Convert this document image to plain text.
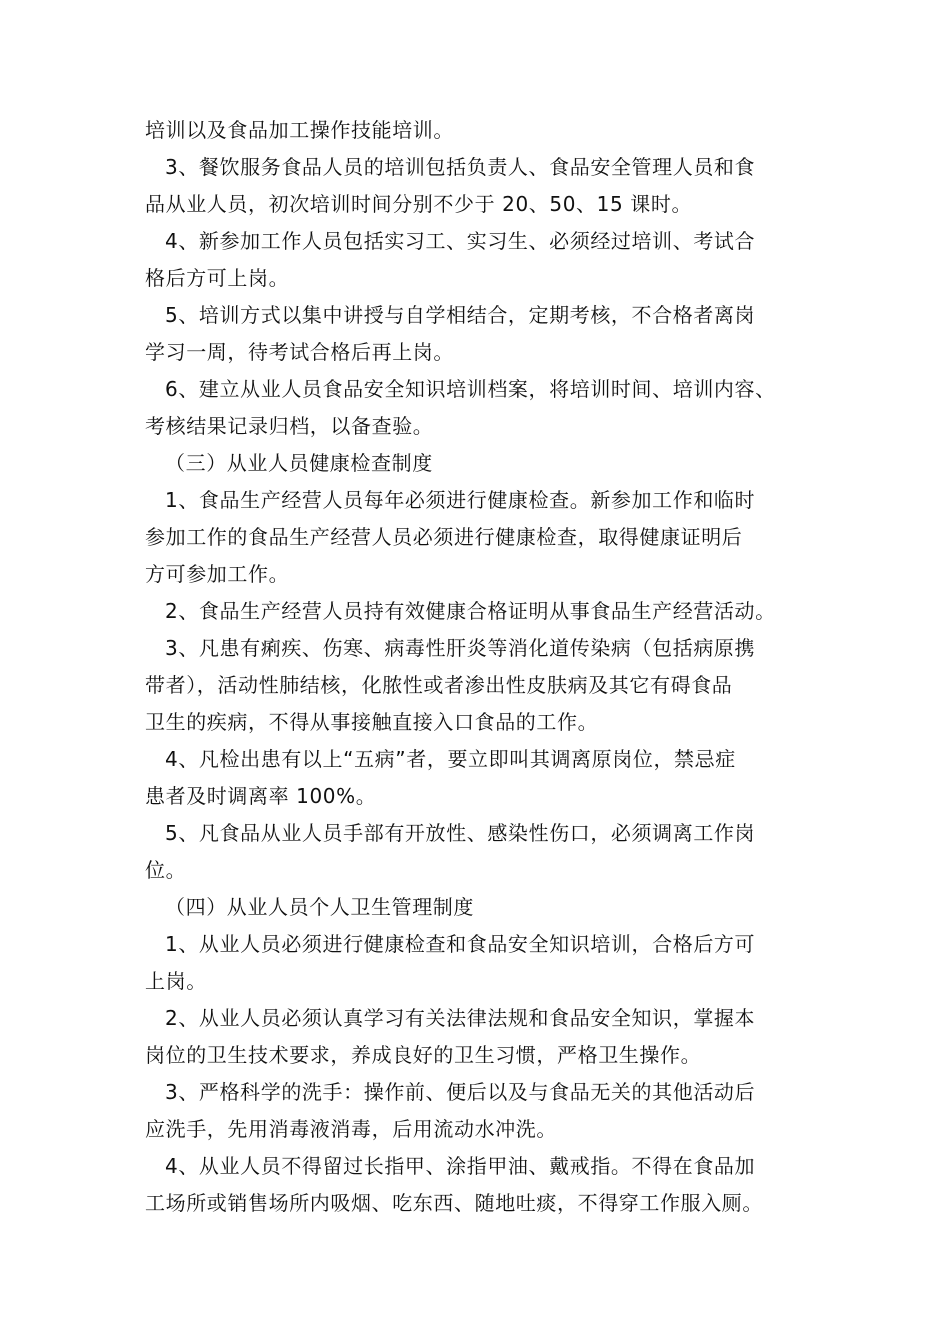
培训以及食品加工操作技能培训。

3、餐饮服务食品人员的培训包括负责人、食品安全管理人员和食

品从业人员，初次培训时间分别不少于 20、50、15 课时。

4、新参加工作人员包括实习工、实习生、必须经过培训、考试合

格后方可上岗。

5、培训方式以集中讲授与自学相结合，定期考核，不合格者离岗

学习一周，待考试合格后再上岗。

6、建立从业人员食品安全知识培训档案，将培训时间、培训内容、

考核结果记录归档，以备查验。

（三）从业人员健康检查制度

1、食品生产经营人员每年必须进行健康检查。新参加工作和临时

参加工作的食品生产经营人员必须进行健康检查，取得健康证明后

方可参加工作。

2、食品生产经营人员持有效健康合格证明从事食品生产经营活动。

3、凡患有痢疾、伤寒、病毒性肝炎等消化道传染病（包括病原携

带者），活动性肺结核，化脓性或者渗出性皮肤病及其它有碍食品

卫生的疾病，不得从事接触直接入口食品的工作。

4、凡检出患有以上“五病”者，要立即叫其调离原岗位，禁忌症

患者及时调离率 100%。

5、凡食品从业人员手部有开放性、感染性伤口，必须调离工作岗

位。

（四）从业人员个人卫生管理制度

1、从业人员必须进行健康检查和食品安全知识培训，合格后方可

上岗。

2、从业人员必须认真学习有关法律法规和食品安全知识，掌握本

岗位的卫生技术要求，养成良好的卫生习惯，严格卫生操作。

3、严格科学的洗手：操作前、便后以及与食品无关的其他活动后

应洗手，先用消毒液消毒，后用流动水冲洗。

4、从业人员不得留过长指甲、涂指甲油、戴戒指。不得在食品加

工场所或销售场所内吸烟、吃东西、随地吐痰，不得穿工作服入厕。
